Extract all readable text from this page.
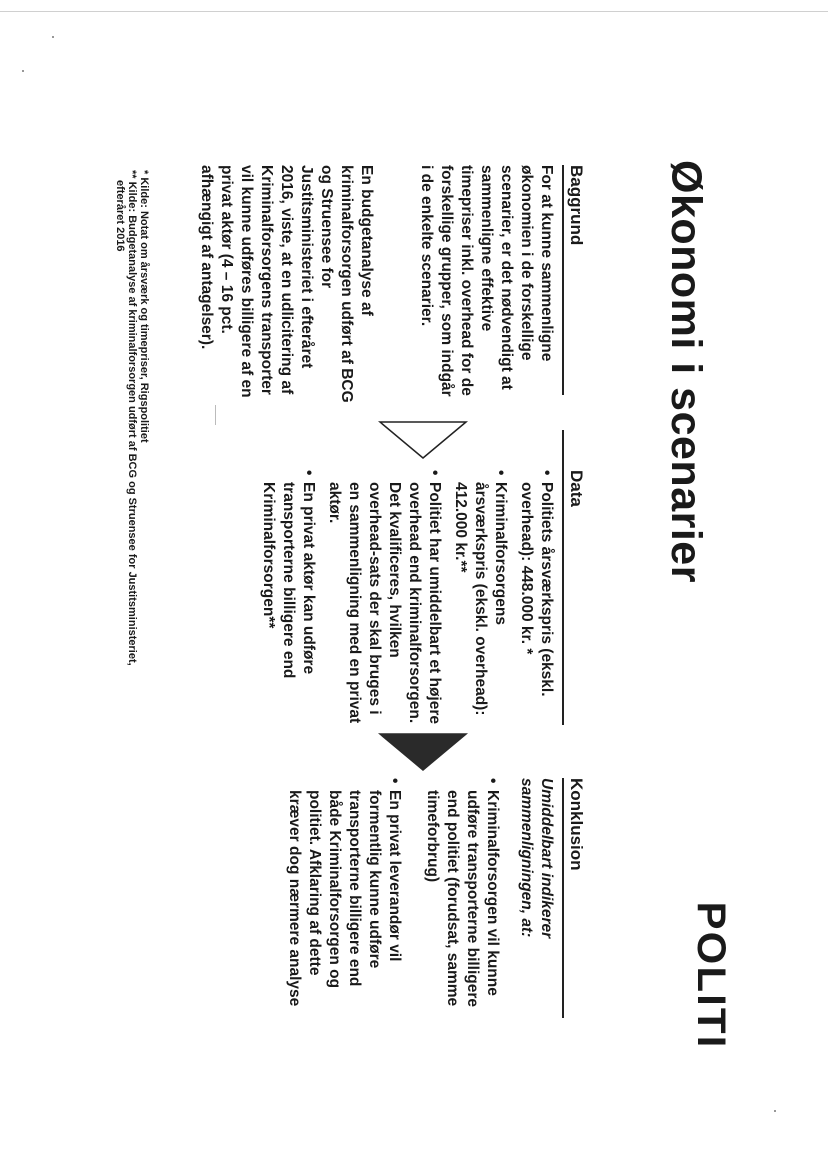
Økonomi i scenarier
POLITI
Baggrund

For at kunne sammenligne økonomien i de forskellige scenarier, er det nødvendigt at sammenligne effektive timepriser inkl. overhead for de forskellige grupper, som indgår i de enkelte scenarier.

En budgetanalyse af kriminalforsorgen udført af BCG og Struensee for Justitsministeriet i efteråret 2016, viste, at en udlicitering af Kriminalforsorgens transporter vil kunne udføres billigere af en privat aktør (4 – 16 pct. afhængigt af antagelser).

Data
• Politiets årsværkspris (ekskl. overhead): 448.000 kr. *
• Kriminalforsorgens årsværkspris (ekskl. overhead): 412.000 kr.**
• Politiet har umiddelbart et højere overhead end kriminalforsorgen. Det kvalificeres, hvilken overhead-sats der skal bruges i en sammenligning med en privat aktør.
• En privat aktør kan udføre transporterne billigere end Kriminalforsorgen**
Konklusion

Umiddelbart indikerer sammenligningen, at:

• Kriminalforsorgen vil kunne udføre transporterne billigere end politiet (forudsat, samme timeforbrug)
• En privat leverandør vil formentlig kunne udføre transporterne billigere end både Kriminalforsorgen og politiet. Afklaring af dette kræver dog nærmere analyse
* Kilde: Notat om årsværk og timepriser, Rigspolitiet
** Kilde: Budgetanalyse af kriminalforsorgen udført af BCG og Struensee for Justitsministeriet,
efteråret 2016
